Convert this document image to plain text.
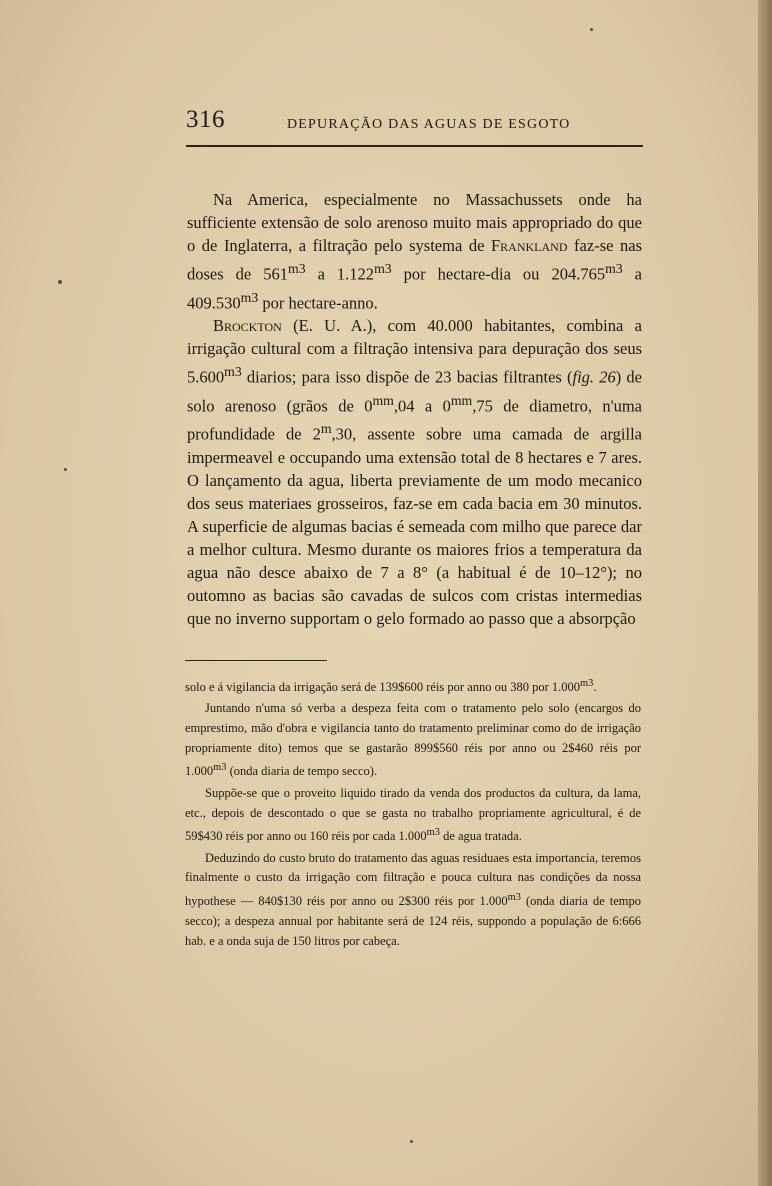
316	DEPURAÇÃO DAS AGUAS DE ESGOTO

Na America, especialmente no Massachussets onde ha sufficiente extensão de solo arenoso muito mais appropriado do que o de Inglaterra, a filtração pelo systema de Frankland faz-se nas doses de $561^{m3}$ a $1.122^{m3}$ por hectare-dia ou $204.765^{m3}$ a $409.530^{m3}$ por hectare-anno.

Brockton (E. U. A.), com 40.000 habitantes, combina a irrigação cultural com a filtração intensiva para depuração dos seus $5.600^{m3}$ diarios; para isso dispõe de 23 bacias filtrantes (fig. 26) de solo arenoso (grãos de $0^{mm},04$ a $0^{mm},75$ de diametro, n'uma profundidade de 2$^m$,30, assente sobre uma camada de argilla impermeavel e occupando uma extensão total de 8 hectares e 7 ares. O lançamento da agua, liberta previamente de um modo mecanico dos seus materiaes grosseiros, faz-se em cada bacia em 30 minutos. A superficie de algumas bacias é semeada com milho que parece dar a melhor cultura. Mesmo durante os maiores frios a temperatura da agua não desce abaixo de 7 a 8° (a habitual é de 10–12°); no outomno as bacias são cavadas de sulcos com cristas intermedias que no inverno supportam o gelo formado ao passo que a absorpção

solo e á vigilancia da irrigação será de 139$600 réis por anno ou 380 por $1.000^{m3}$.

Juntando n'uma só verba a despeza feita com o tratamento pelo solo (encargos do emprestimo, mão d'obra e vigilancia tanto do tratamento preliminar como do de irrigação propriamente dito) temos que se gastarão 899$560 réis por anno ou 2$460 réis por $1.000^{m3}$ (onda diaria de tempo secco).

Suppõe-se que o proveito liquido tirado da venda dos productos da cultura, da lama, etc., depois de descontado o que se gasta no trabalho propriamente agricultural, é de 59$430 réis por anno ou 160 réis por cada $1.000^{m3}$ de agua tratada.

Deduzindo do custo bruto do tratamento das aguas residuaes esta importancia, teremos finalmente o custo da irrigação com filtração e pouca cultura nas condições da nossa hypothese — 840$130 réis por anno ou 2$300 réis por $1.000^{m3}$ (onda diaria de tempo secco); a despeza annual por habitante será de 124 réis, suppondo a população de 6:666 hab. e a onda suja de 150 litros por cabeça.
